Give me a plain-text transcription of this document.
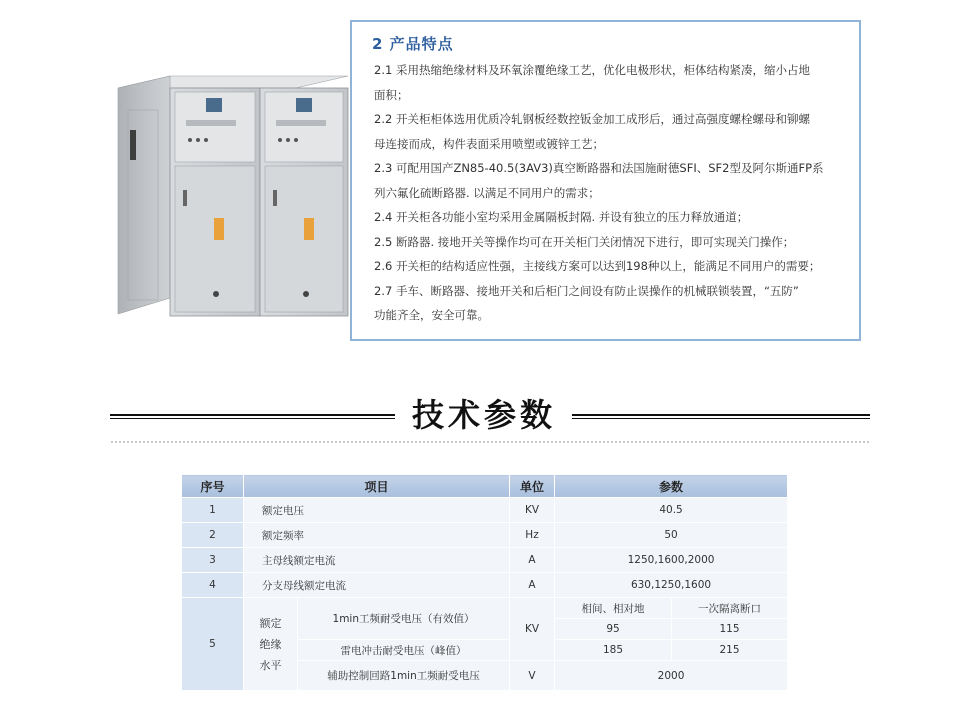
2 产品特点
2.1 采用热缩绝缘材料及环氧涂覆绝缘工艺，优化电极形状，柜体结构紧凑，缩小占地
面积；
2.2 开关柜柜体选用优质冷轧钢板经数控钣金加工成形后，通过高强度螺栓螺母和铆螺
母连接而成，构件表面采用喷塑或镀锌工艺；
2.3 可配用国产ZN85-40.5(3AV3)真空断路器和法国施耐德SFI、SF2型及阿尔斯通FP系
列六氟化硫断路器. 以满足不同用户的需求；
2.4 开关柜各功能小室均采用金属隔板封隔. 并设有独立的压力释放通道；
2.5 断路器. 接地开关等操作均可在开关柜门关闭情况下进行，即可实现关门操作；
2.6 开关柜的结构适应性强，主接线方案可以达到198种以上，能满足不同用户的需要；
2.7 手车、断路器、接地开关和后柜门之间设有防止误操作的机械联锁装置，“五防”
功能齐全，安全可靠。
技术参数
序号	项目		单位	参数	
1	额定电压		KV	40.5	
2	额定频率		Hz	50	
3	主母线额定电流		A	1250,1600,2000	
4	分支母线额定电流		A	630,1250,1600	
5	额定
绝缘
水平	1min工频耐受电压（有效值）	KV	相间、相对地	一次隔离断口
				95	115
		雷电冲击耐受电压（峰值）		185	215
		辅助控制回路1min工频耐受电压	V	2000	
